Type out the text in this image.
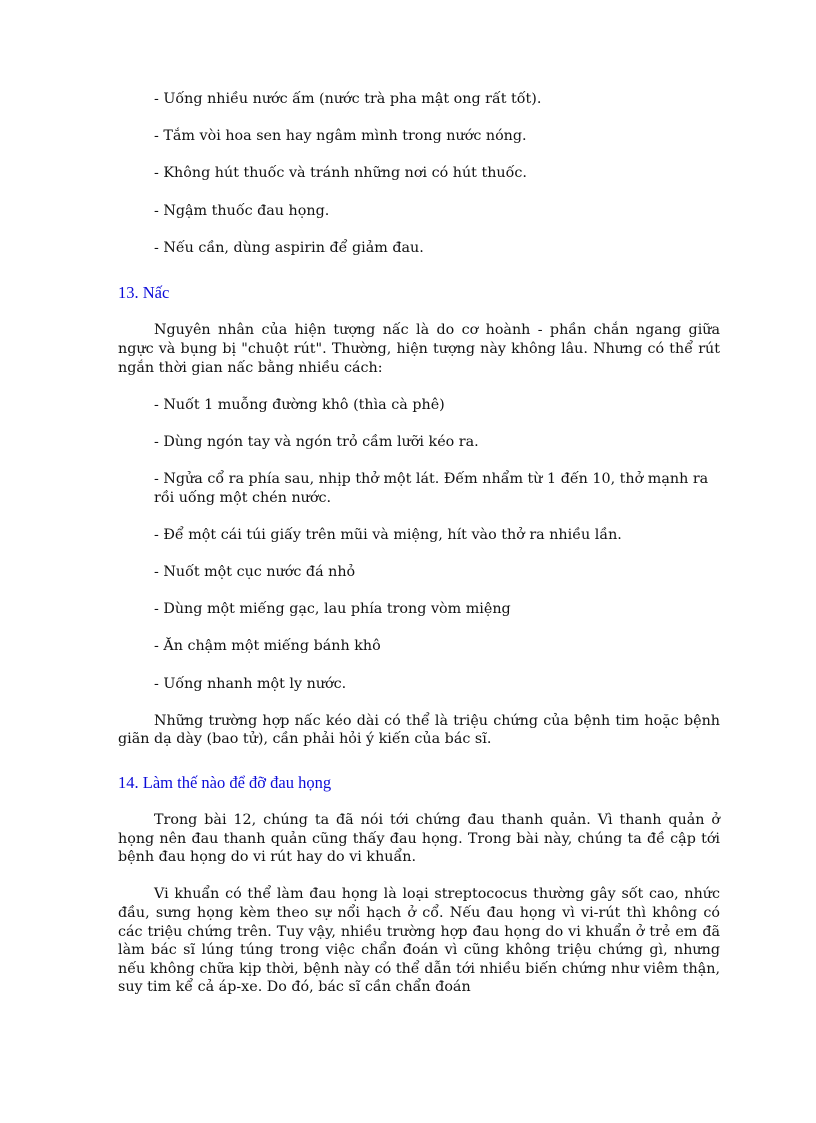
- Uống nhiều nước ấm (nước trà pha mật ong rất tốt).

- Tắm vòi hoa sen hay ngâm mình trong nước nóng.

- Không hút thuốc và tránh những nơi có hút thuốc.

- Ngậm thuốc đau họng.

- Nếu cần, dùng aspirin để giảm đau.

13. Nấc

Nguyên nhân của hiện tượng nấc là do cơ hoành - phần chắn ngang giữa ngực và bụng bị "chuột rút". Thường, hiện tượng này không lâu. Nhưng có thể rút ngắn thời gian nấc bằng nhiều cách:

- Nuốt 1 muỗng đường khô (thìa cà phê)

- Dùng ngón tay và ngón trỏ cầm lưỡi kéo ra.

- Ngửa cổ ra phía sau, nhịp thở một lát. Đếm nhẩm từ 1 đến 10, thở mạnh ra rồi uống một chén nước.

- Để một cái túi giấy trên mũi và miệng, hít vào thở ra nhiều lần.

- Nuốt một cục nước đá nhỏ

- Dùng một miếng gạc, lau phía trong vòm miệng

- Ăn chậm một miếng bánh khô

- Uống nhanh một ly nước.

Những trường hợp nấc kéo dài có thể là triệu chứng của bệnh tim hoặc bệnh giãn dạ dày (bao tử), cần phải hỏi ý kiến của bác sĩ.

14. Làm thế nào để đỡ đau họng

Trong bài 12, chúng ta đã nói tới chứng đau thanh quản. Vì thanh quản ở họng nên đau thanh quản cũng thấy đau họng. Trong bài này, chúng ta đề cập tới bệnh đau họng do vi rút hay do vi khuẩn.

Vi khuẩn có thể làm đau họng là loại streptococus thường gây sốt cao, nhức đầu, sưng họng kèm theo sự nổi hạch ở cổ. Nếu đau họng vì vi-rút thì không có các triệu chứng trên. Tuy vậy, nhiều trường hợp đau họng do vi khuẩn ở trẻ em đã làm bác sĩ lúng túng trong việc chẩn đoán vì cũng không triệu chứng gì, nhưng nếu không chữa kịp thời, bệnh này có thể dẫn tới nhiều biến chứng như viêm thận, suy tim kể cả áp-xe. Do đó, bác sĩ cần chẩn đoán
